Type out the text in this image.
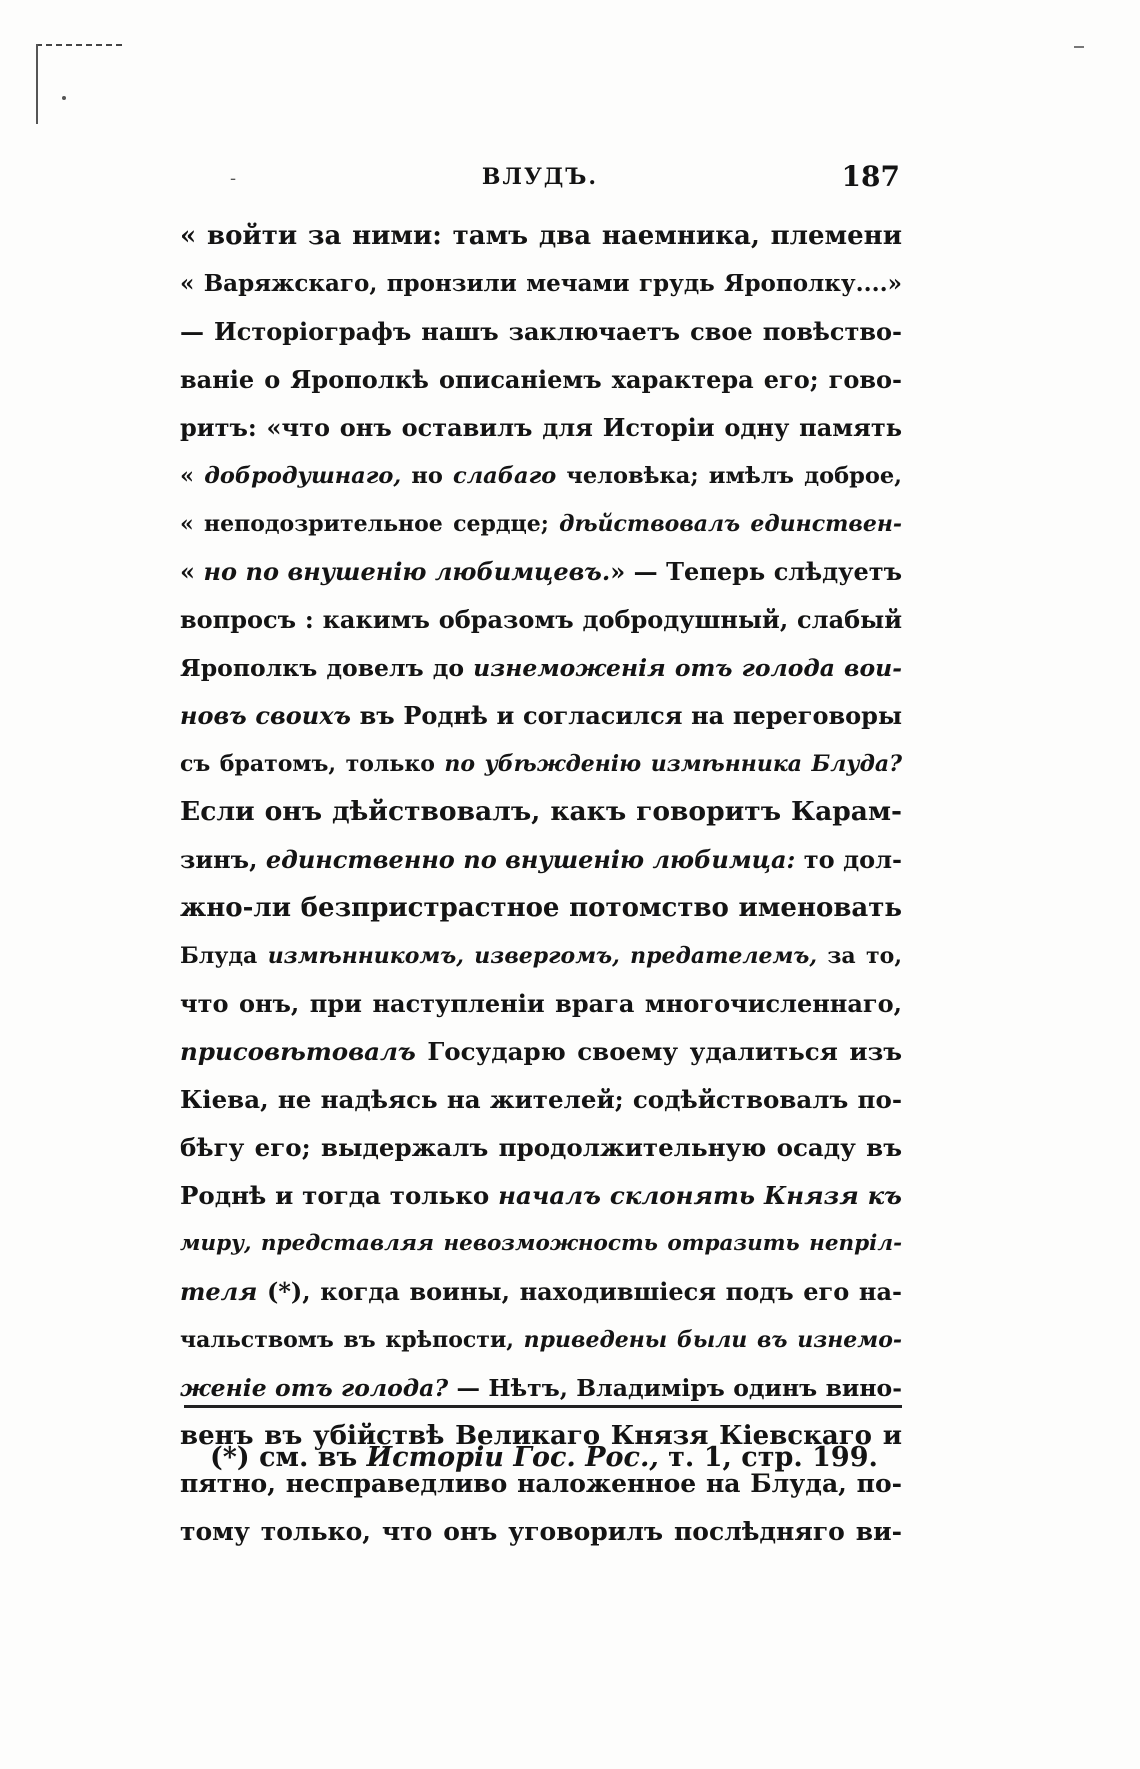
-	ВЛУДЪ.	187
« войти за ними: тамъ два наемника, племени
« Варяжскаго, пронзили мечами грудь Ярополку....»
— Исторіографъ нашъ заключаетъ свое повѣство-
ваніе о Ярополкѣ описаніемъ характера его; гово-
ритъ: «что онъ оставилъ для Исторіи одну память
« добродушнаго, но слабаго человѣка; имѣлъ доброе,
« неподозрительное сердце; дѣйствовалъ единствен-
« но по внушенію любимцевъ.» — Теперь слѣдуетъ
вопросъ : какимъ образомъ добродушный, слабый
Ярополкъ довелъ до изнеможенія отъ голода вои-
новъ своихъ въ Роднѣ и согласился на переговоры
съ братомъ, только по убѣжденію измѣнника Блуда?
Если онъ дѣйствовалъ, какъ говоритъ Карам-
зинъ, единственно по внушенію любимца: то дол-
жно-ли безпристрастное потомство именовать
Блуда измѣнникомъ, извергомъ, предателемъ, за то,
что онъ, при наступленіи врага многочисленнаго,
присовѣтовалъ Государю своему удалиться изъ
Кіева, не надѣясь на жителей; содѣйствовалъ по-
бѣгу его; выдержалъ продолжительную осаду въ
Роднѣ и тогда только началъ склонять Князя къ
миру, представляя невозможность отразить непріл-
теля (*), когда воины, находившіеся подъ его на-
чальствомъ въ крѣпости, приведены были въ изнемо-
женіе отъ голода? — Нѣтъ, Владиміръ одинъ вино-
венъ въ убійствѣ Великаго Князя Кіевскаго и
пятно, несправедливо наложенное на Блуда, по-
тому только, что онъ уговорилъ послѣдняго ви-
(*) см. въ Исторіи Гос. Рос., т. 1, стр. 199.
